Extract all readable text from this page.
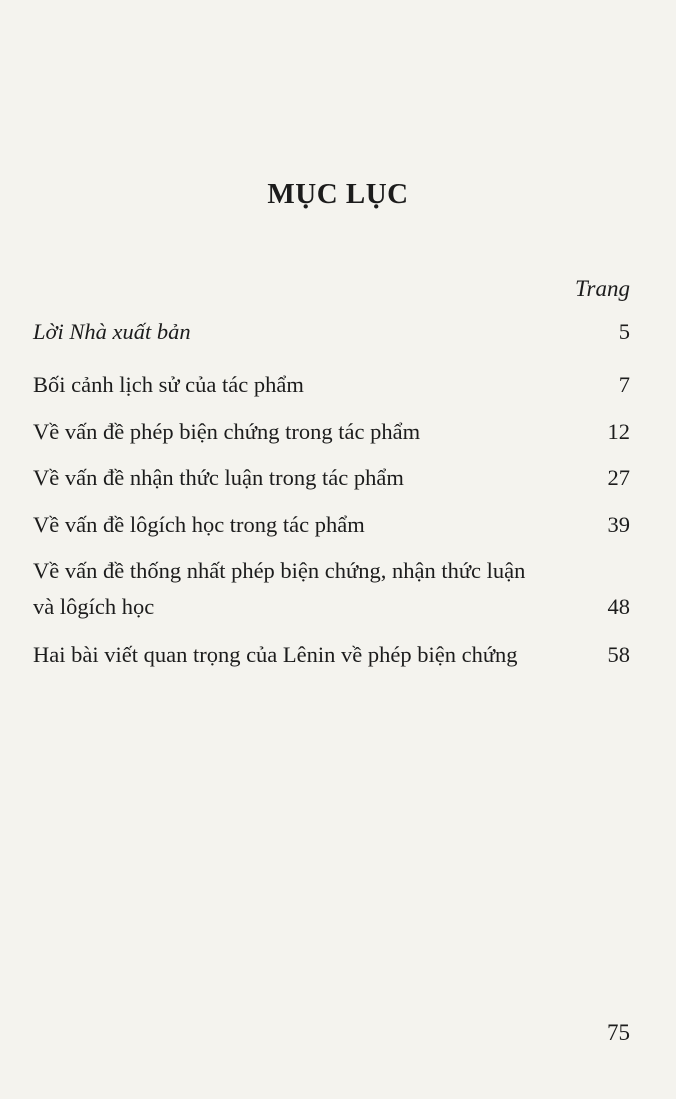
MỤC LỤC
Trang
Lời Nhà xuất bản	5
Bối cảnh lịch sử của tác phẩm	7
Về vấn đề phép biện chứng trong tác phẩm	12
Về vấn đề nhận thức luận trong tác phẩm	27
Về vấn đề lôgích học trong tác phẩm	39
Về vấn đề thống nhất phép biện chứng, nhận thức luận và lôgích học	48
Hai bài viết quan trọng của Lênin về phép biện chứng	58
75
